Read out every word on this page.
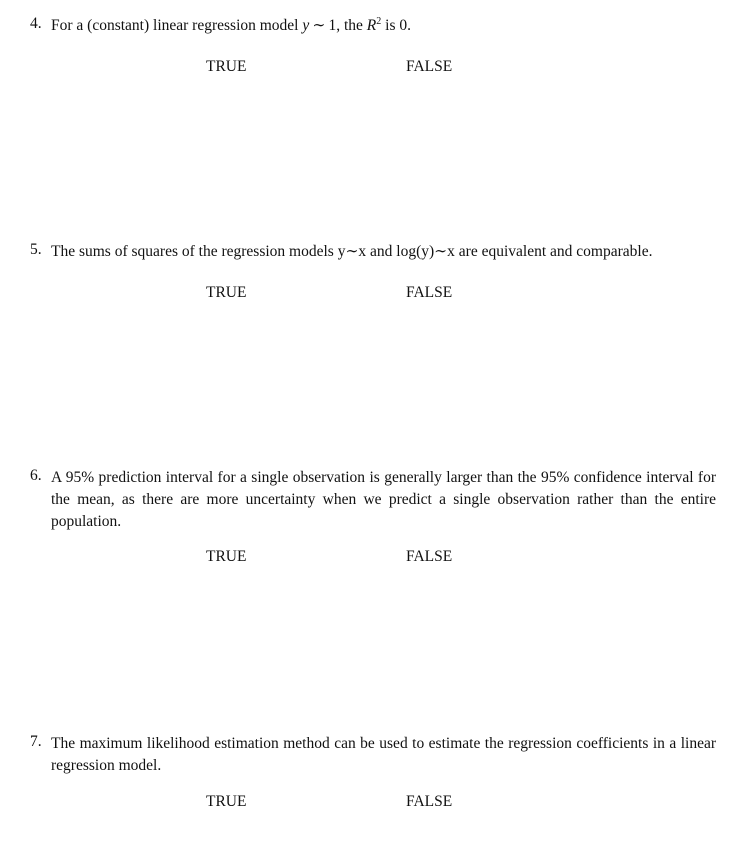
4. For a (constant) linear regression model y  ∼  1, the $R^2$ is 0.
TRUE	FALSE
5. The sums of squares of the regression models y∼x and log(y)∼x are equivalent and comparable.
TRUE	FALSE
6. A 95% prediction interval for a single observation is generally larger than the 95% confidence interval for the mean, as there are more uncertainty when we predict a single observation rather than the entire population.
TRUE	FALSE
7. The maximum likelihood estimation method can be used to estimate the regression coefficients in a linear regression model.
TRUE	FALSE
